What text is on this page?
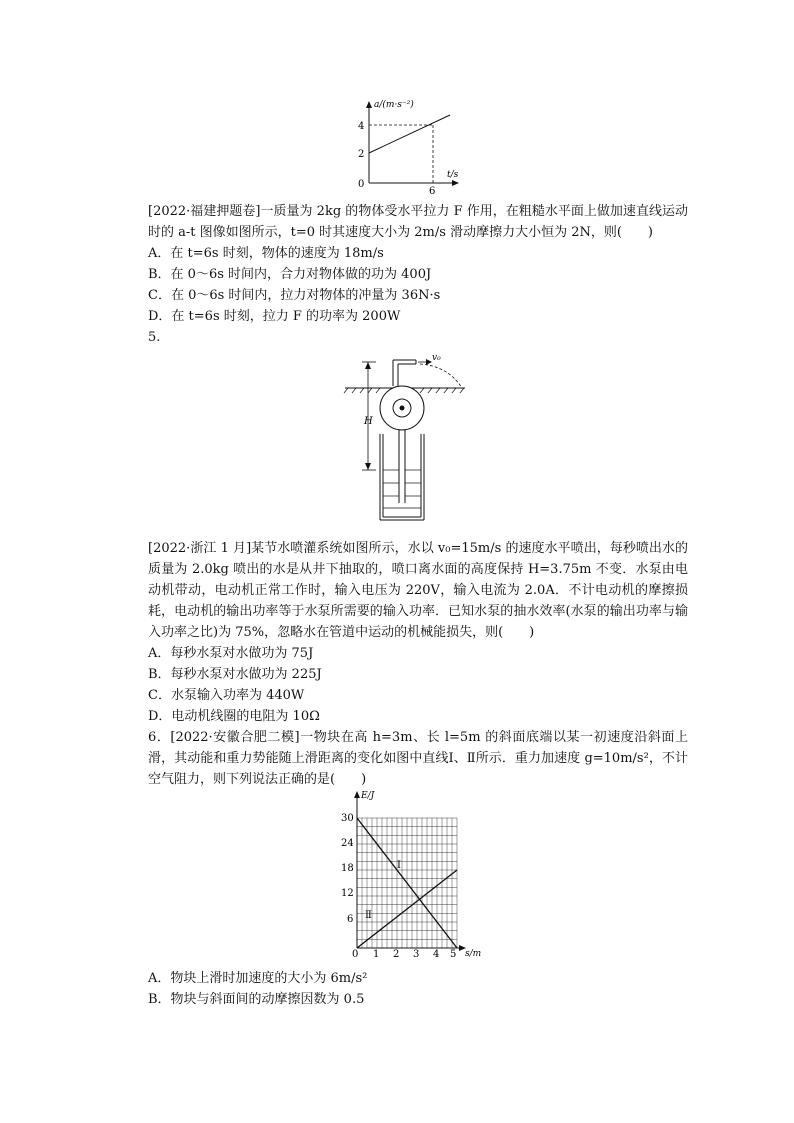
a/(m·s⁻²)
t/s
4
2
0
6
[2022·福建押题卷]一质量为 2kg 的物体受水平拉力 F 作用，在粗糙水平面上做加速直线运动时的 a-t 图像如图所示，t=0 时其速度大小为 2m/s 滑动摩擦力大小恒为 2N，则(　　)
A．在 t=6s 时刻，物体的速度为 18m/s
B．在 0～6s 时间内，合力对物体做的功为 400J
C．在 0～6s 时间内，拉力对物体的冲量为 36N·s
D．在 t=6s 时刻，拉力 F 的功率为 200W
5.
H
v₀
[2022·浙江 1 月]某节水喷灌系统如图所示，水以 v₀=15m/s 的速度水平喷出，每秒喷出水的质量为 2.0kg 喷出的水是从井下抽取的，喷口离水面的高度保持 H=3.75m 不变．水泵由电动机带动，电动机正常工作时，输入电压为 220V，输入电流为 2.0A．不计电动机的摩擦损耗，电动机的输出功率等于水泵所需要的输入功率．已知水泵的抽水效率(水泵的输出功率与输入功率之比)为 75%，忽略水在管道中运动的机械能损失，则(　　)
A．每秒水泵对水做功为 75J
B．每秒水泵对水做功为 225J
C．水泵输入功率为 440W
D．电动机线圈的电阻为 10Ω
6．[2022·安徽合肥二模]一物块在高 h=3m、长 l=5m 的斜面底端以某一初速度沿斜面上滑，其动能和重力势能随上滑距离的变化如图中直线Ⅰ、Ⅱ所示．重力加速度 g=10m/s²，不计空气阻力，则下列说法正确的是(　　)
Ⅰ
Ⅱ
E/J
s/m
30
24
18
12
6
0 1 2 3 4 5
A．物块上滑时加速度的大小为 6m/s²
B．物块与斜面间的动摩擦因数为 0.5
